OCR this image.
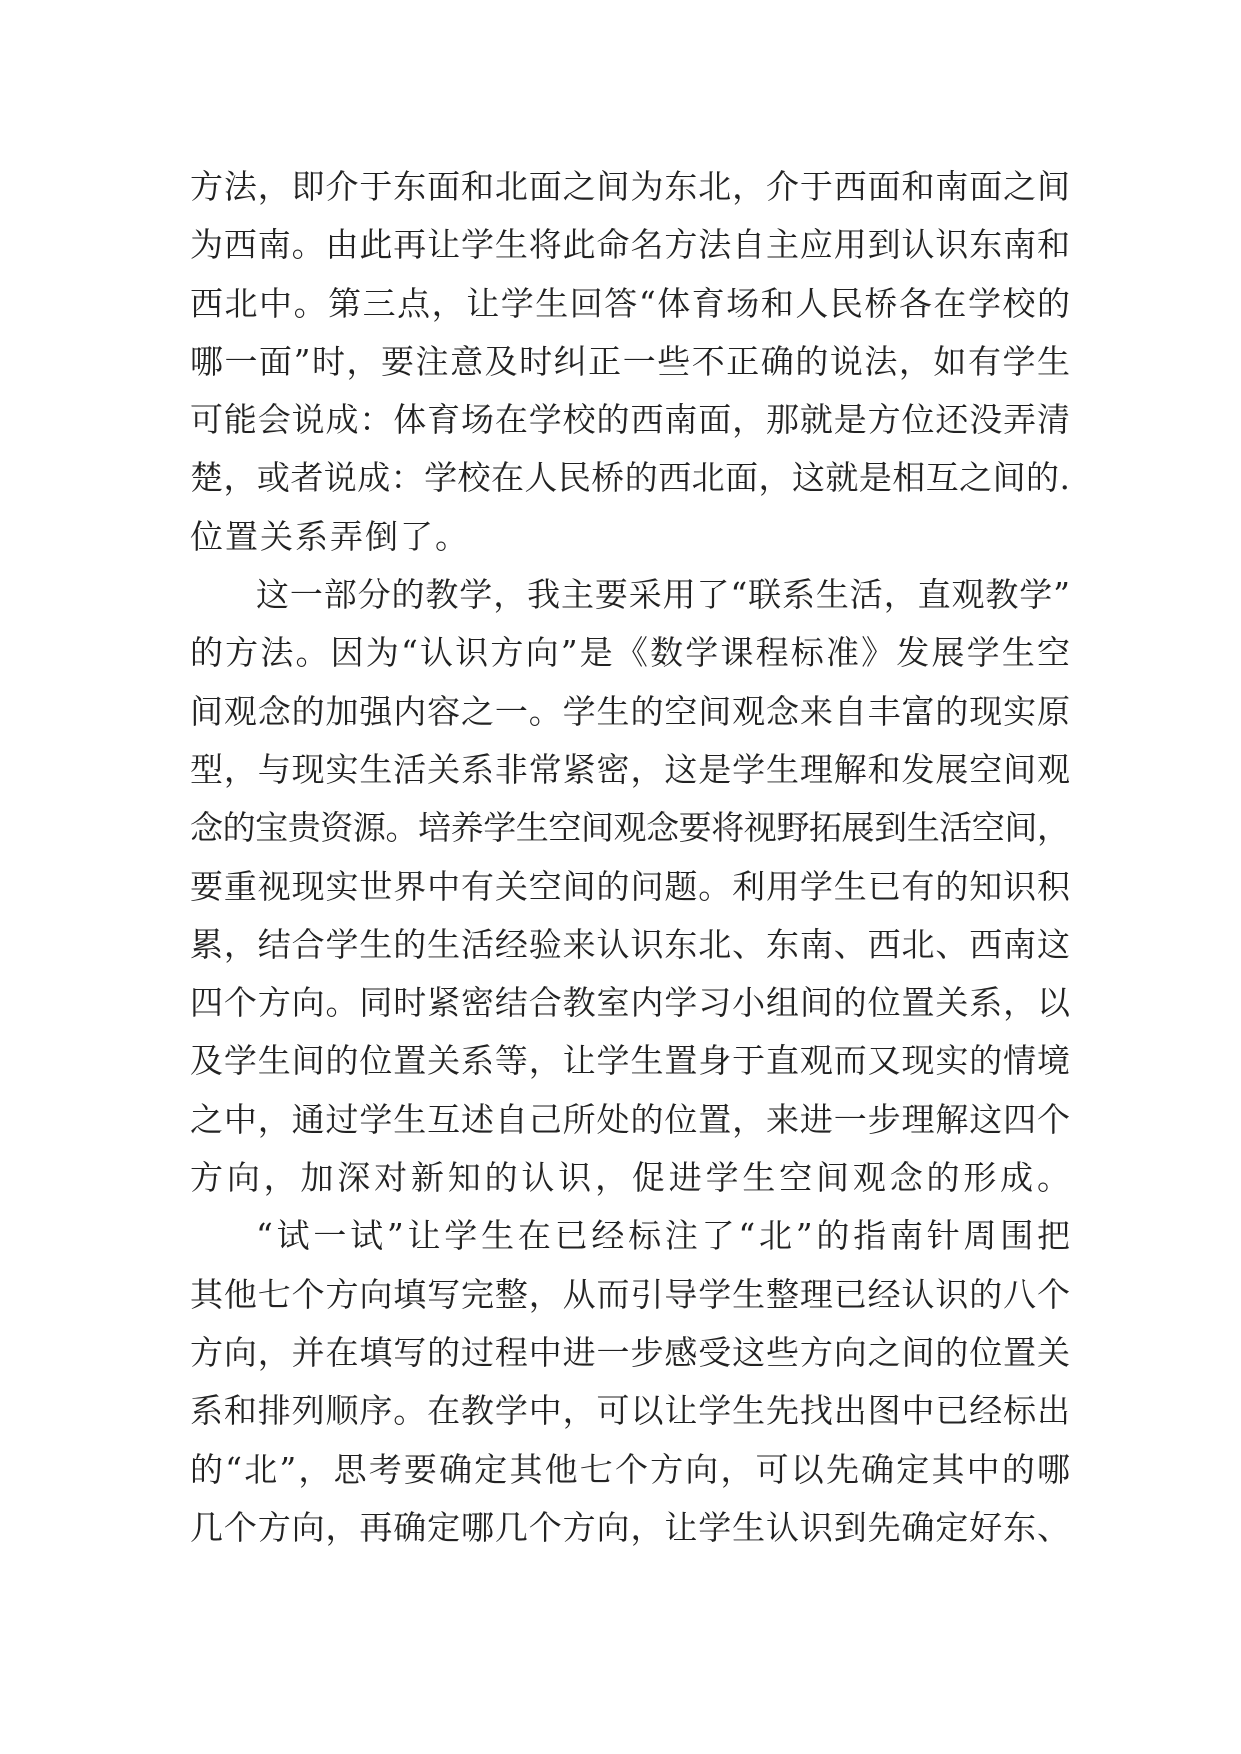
方法，即介于东面和北面之间为东北，介于西面和南面之间
为西南。由此再让学生将此命名方法自主应用到认识东南和
西北中。第三点，让学生回答“体育场和人民桥各在学校的
哪一面”时，要注意及时纠正一些不正确的说法，如有学生
可能会说成：体育场在学校的西南面，那就是方位还没弄清
楚，或者说成：学校在人民桥的西北面，这就是相互之间的.
位置关系弄倒了。
这一部分的教学，我主要采用了“联系生活，直观教学”
的方法。因为“认识方向”是《数学课程标准》发展学生空
间观念的加强内容之一。学生的空间观念来自丰富的现实原
型，与现实生活关系非常紧密，这是学生理解和发展空间观
念的宝贵资源。培养学生空间观念要将视野拓展到生活空间，
要重视现实世界中有关空间的问题。利用学生已有的知识积
累，结合学生的生活经验来认识东北、东南、西北、西南这
四个方向。同时紧密结合教室内学习小组间的位置关系，以
及学生间的位置关系等，让学生置身于直观而又现实的情境
之中，通过学生互述自己所处的位置，来进一步理解这四个
方向，加深对新知的认识，促进学生空间观念的形成。
“试一试”让学生在已经标注了“北”的指南针周围把
其他七个方向填写完整，从而引导学生整理已经认识的八个
方向，并在填写的过程中进一步感受这些方向之间的位置关
系和排列顺序。在教学中，可以让学生先找出图中已经标出
的“北”，思考要确定其他七个方向，可以先确定其中的哪
几个方向，再确定哪几个方向，让学生认识到先确定好东、
